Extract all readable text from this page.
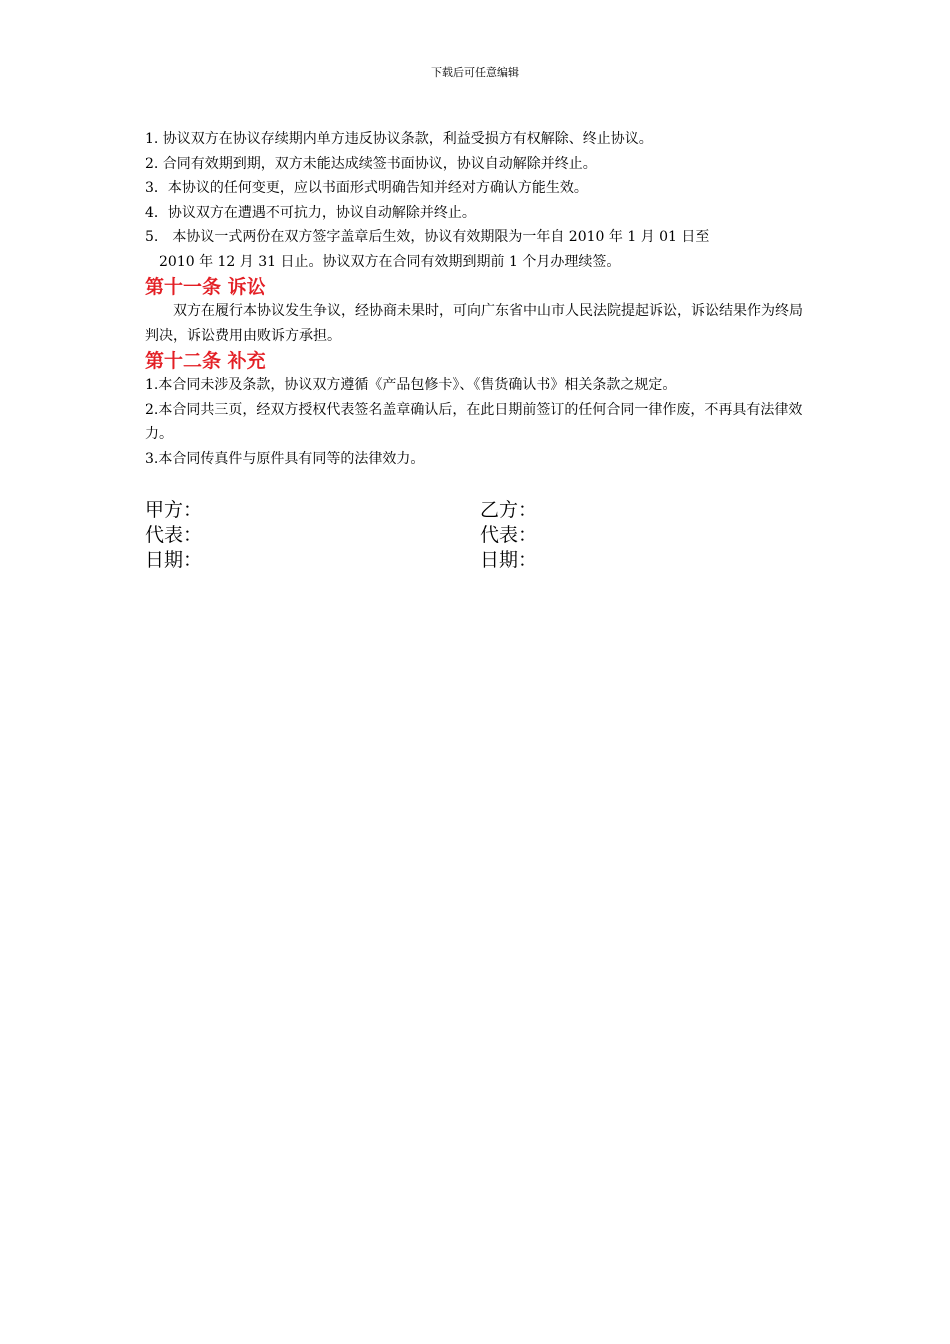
下载后可任意编辑
1. 协议双方在协议存续期内单方违反协议条款，利益受损方有权解除、终止协议。
2. 合同有效期到期，双方未能达成续签书面协议，协议自动解除并终止。
3．本协议的任何变更，应以书面形式明确告知并经对方确认方能生效。
4．协议双方在遭遇不可抗力，协议自动解除并终止。
5.　本协议一式两份在双方签字盖章后生效，协议有效期限为一年自 2010 年 1 月 01 日至
2010 年 12 月 31 日止。协议双方在合同有效期到期前 1 个月办理续签。
第十一条 诉讼
双方在履行本协议发生争议，经协商未果时，可向广东省中山市人民法院提起诉讼，诉讼结果作为终局判决，诉讼费用由败诉方承担。
第十二条 补充
1.本合同未涉及条款，协议双方遵循《产品包修卡》、《售货确认书》相关条款之规定。
2.本合同共三页，经双方授权代表签名盖章确认后，在此日期前签订的任何合同一律作废，不再具有法律效力。
3.本合同传真件与原件具有同等的法律效力。
甲方：	乙方：
代表：	代表：
日期：	日期：
